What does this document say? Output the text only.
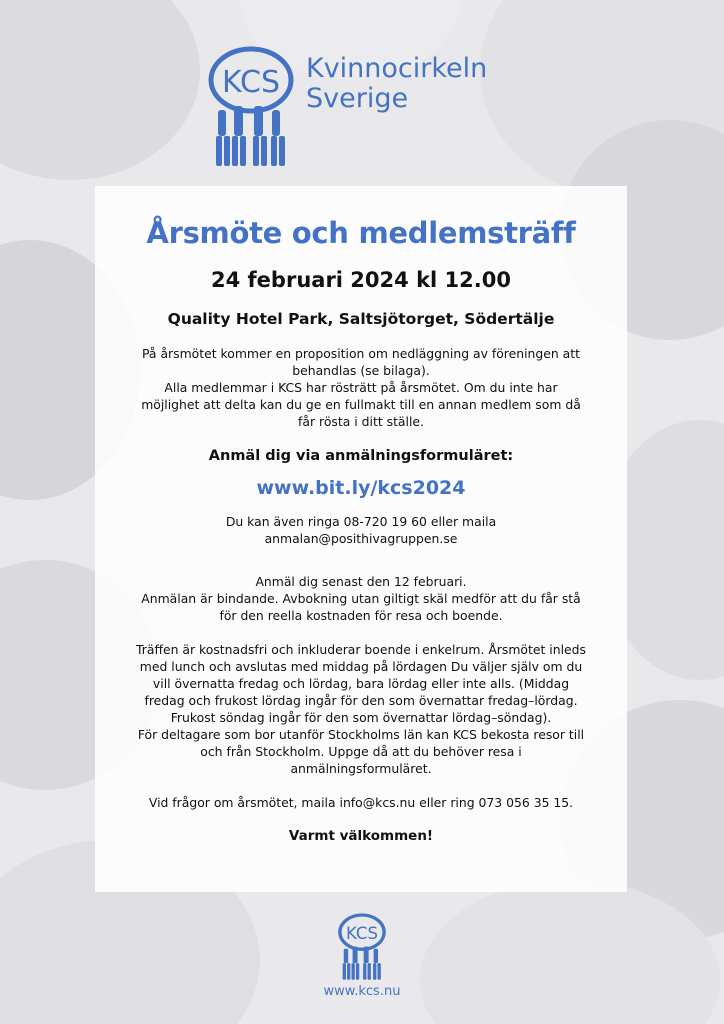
KCS Kvinnocirkeln
Sverige
Årsmöte och medlemsträff
24 februari 2024 kl 12.00
Quality Hotel Park, Saltsjötorget, Södertälje
På årsmötet kommer en proposition om nedläggning av föreningen att
behandlas (se bilaga).
Alla medlemmar i KCS har rösträtt på årsmötet. Om du inte har
möjlighet att delta kan du ge en fullmakt till en annan medlem som då
får rösta i ditt ställe.
Anmäl dig via anmälningsformuläret:
www.bit.ly/kcs2024
Du kan även ringa 08-720 19 60 eller maila
anmalan@posithivagruppen.se
Anmäl dig senast den 12 februari.
Anmälan är bindande. Avbokning utan giltigt skäl medför att du får stå
för den reella kostnaden för resa och boende.
Träffen är kostnadsfri och inkluderar boende i enkelrum. Årsmötet inleds
med lunch och avslutas med middag på lördagen Du väljer själv om du
vill övernatta fredag och lördag, bara lördag eller inte alls. (Middag
fredag och frukost lördag ingår för den som övernattar fredag–lördag.
Frukost söndag ingår för den som övernattar lördag–söndag).
För deltagare som bor utanför Stockholms län kan KCS bekosta resor till
och från Stockholm. Uppge då att du behöver resa i
anmälningsformuläret.
Vid frågor om årsmötet, maila info@kcs.nu eller ring 073 056 35 15.
Varmt välkommen!
KCS
www.kcs.nu
